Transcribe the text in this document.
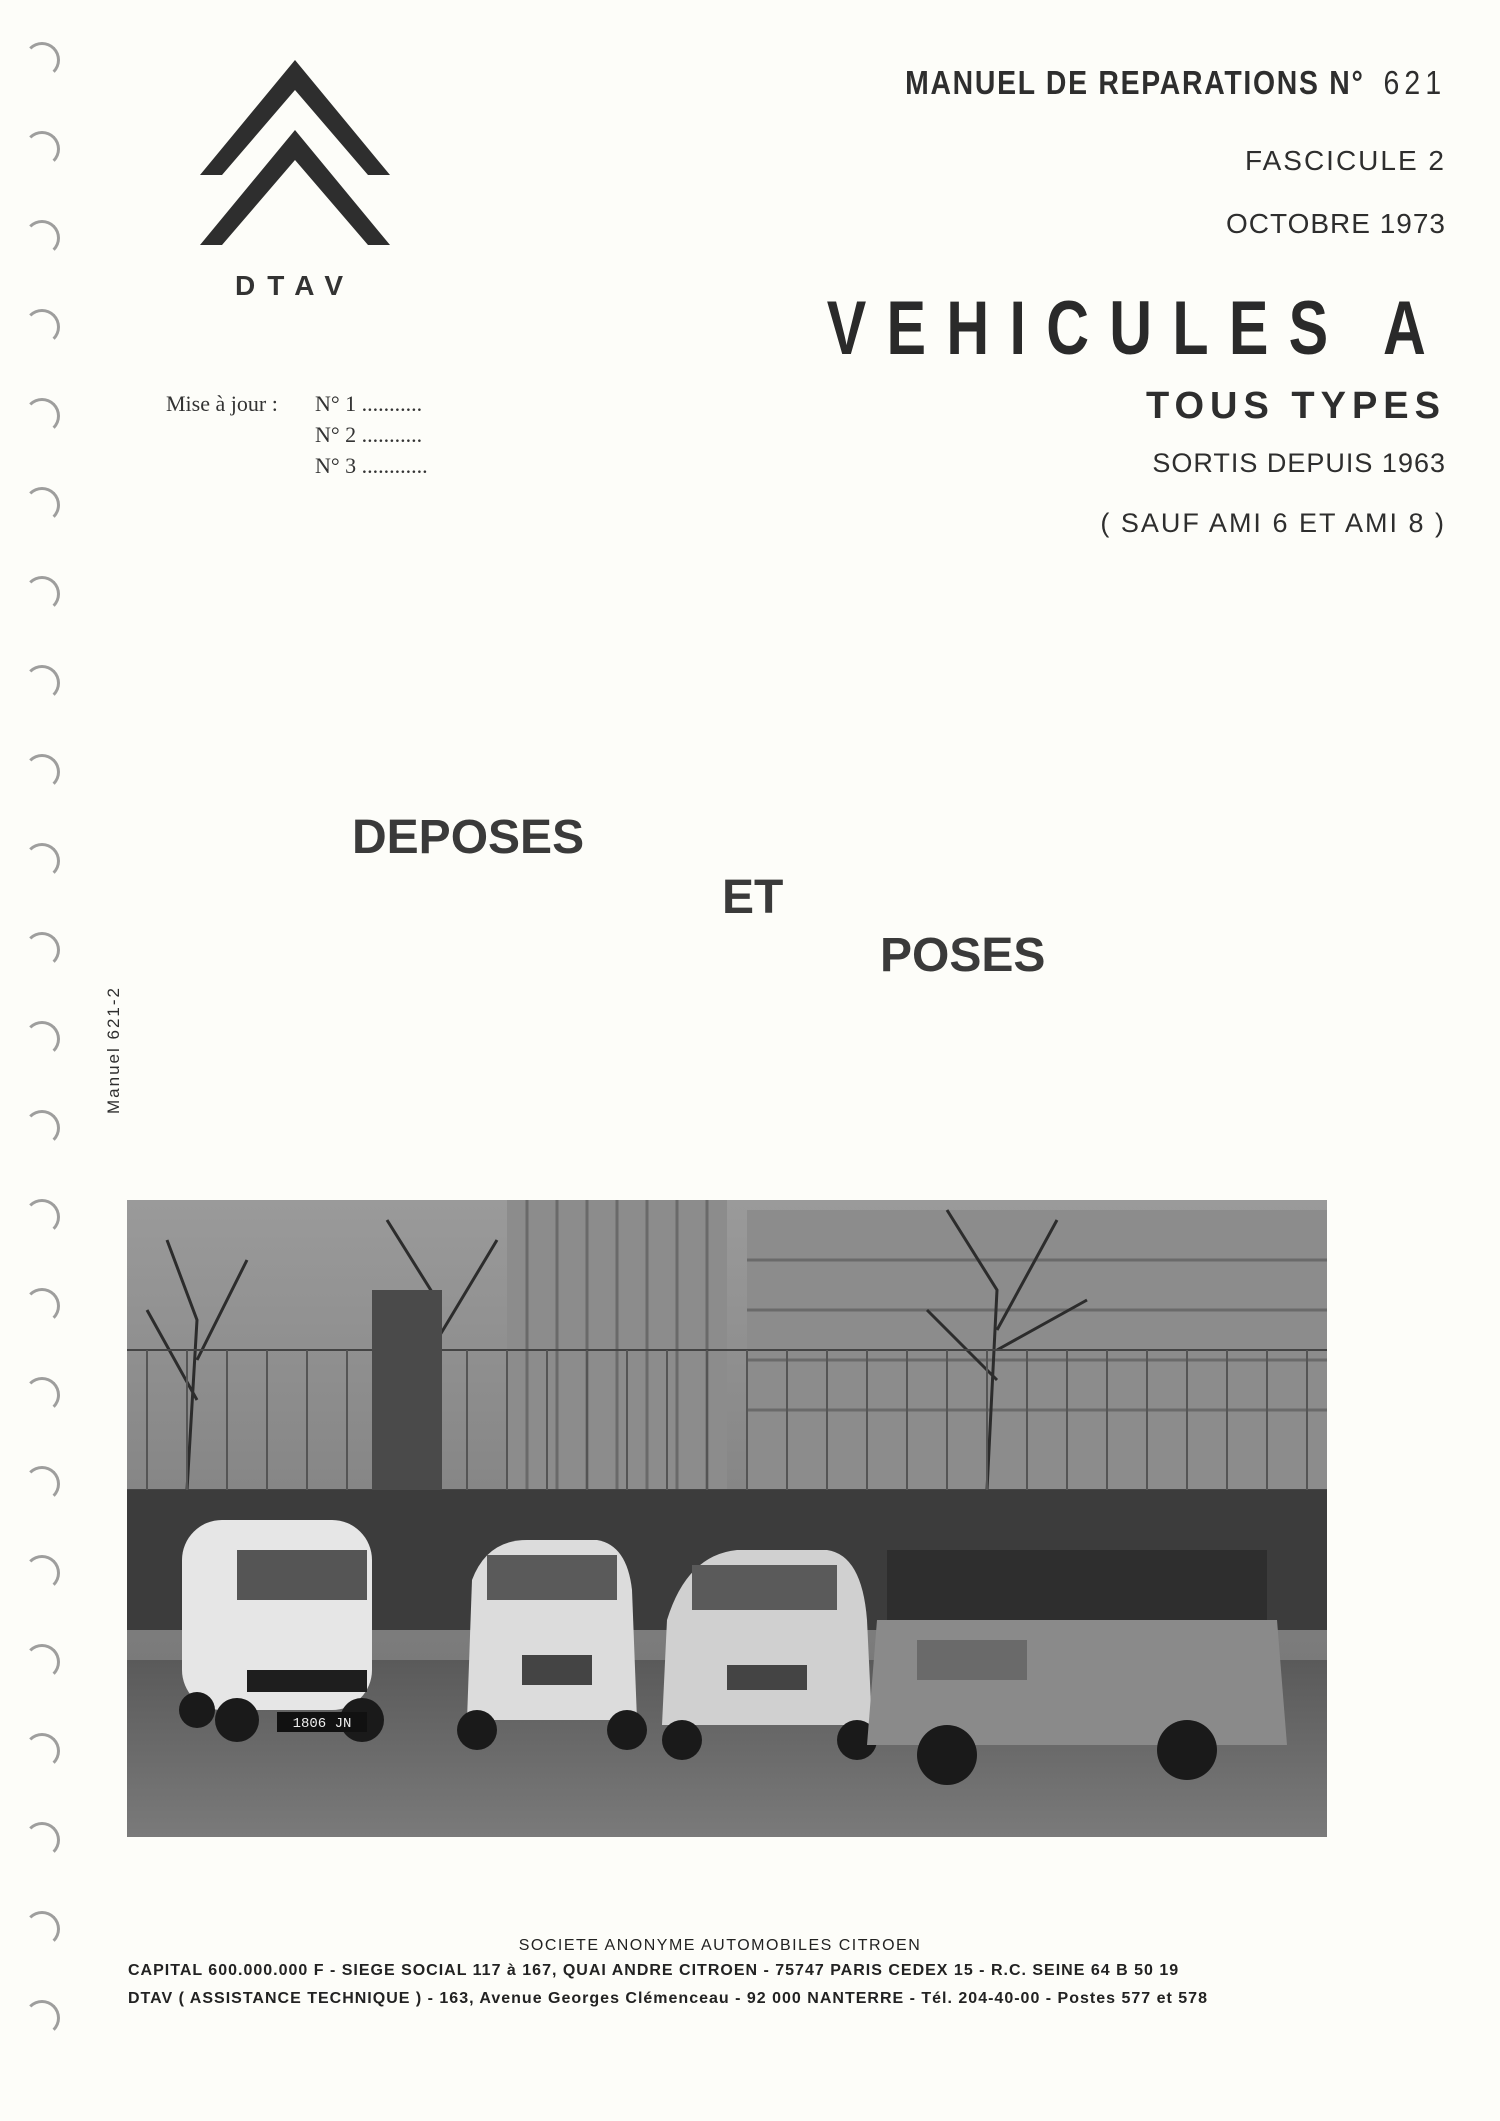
DTAV
MANUEL DE REPARATIONS N° 621
FASCICULE 2
OCTOBRE 1973
VEHICULES A
TOUS TYPES
SORTIS DEPUIS 1963
( SAUF AMI 6 ET AMI 8 )
Mise à jour : N° 1 ...........
N° 2 ...........
N° 3 ............
Manuel 621-2
DEPOSES
ET
POSES
1806 JN
SOCIETE ANONYME AUTOMOBILES CITROEN
CAPITAL 600.000.000 F - SIEGE SOCIAL 117 à 167, QUAI ANDRE CITROEN - 75747 PARIS CEDEX 15 - R.C. SEINE 64 B 50 19
DTAV ( ASSISTANCE TECHNIQUE ) - 163, Avenue Georges Clémenceau - 92 000 NANTERRE - Tél. 204-40-00 - Postes 577 et 578
